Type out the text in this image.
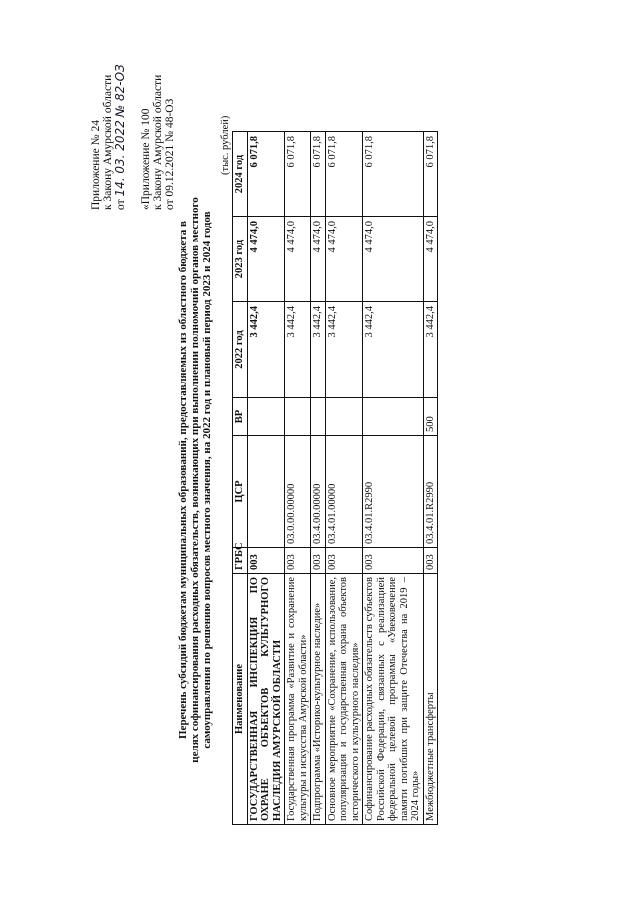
Приложение № 24 к Закону Амурской области от 14. 03. 2022 № 82-ОЗ
«Приложение № 100 к Закону Амурской области от 09.12.2021 № 48-ОЗ
Перечень субсидий бюджетам муниципальных образований, предоставляемых из областного бюджета в целях софинансирования расходных обязательств, возникающих при выполнении полномочий органов местного самоуправления по решению вопросов местного значения, на 2022 год и плановый период 2023 и 2024 годов
(тыс. рублей)
Наименование	ГРБС	ЦСР	ВР	2022 год	2023 год	2024 год
ГОСУДАРСТВЕННАЯ ИНСПЕКЦИЯ ПО ОХРАНЕ ОБЪЕКТОВ КУЛЬТУРНОГО НАСЛЕДИЯ АМУРСКОЙ ОБЛАСТИ	003			3 442,4	4 474,0	6 071,8
Государственная программа «Развитие и сохранение культуры и искусства Амурской области»	003	03.0.00.00000		3 442,4	4 474,0	6 071,8
Подпрограмма «Историко-культурное наследие»	003	03.4.00.00000		3 442,4	4 474,0	6 071,8
Основное мероприятие «Сохранение, использование, популяризация и государственная охрана объектов исторического и культурного наследия»	003	03.4.01.00000		3 442,4	4 474,0	6 071,8
Софинансирование расходных обязательств субъектов Российской Федерации, связанных с реализацией федеральной целевой программы «Увековечение памяти погибших при защите Отечества на 2019 – 2024 годы»	003	03.4.01.R2990		3 442,4	4 474,0	6 071,8
Межбюджетные трансферты	003	03.4.01.R2990	500	3 442,4	4 474,0	6 071,8
